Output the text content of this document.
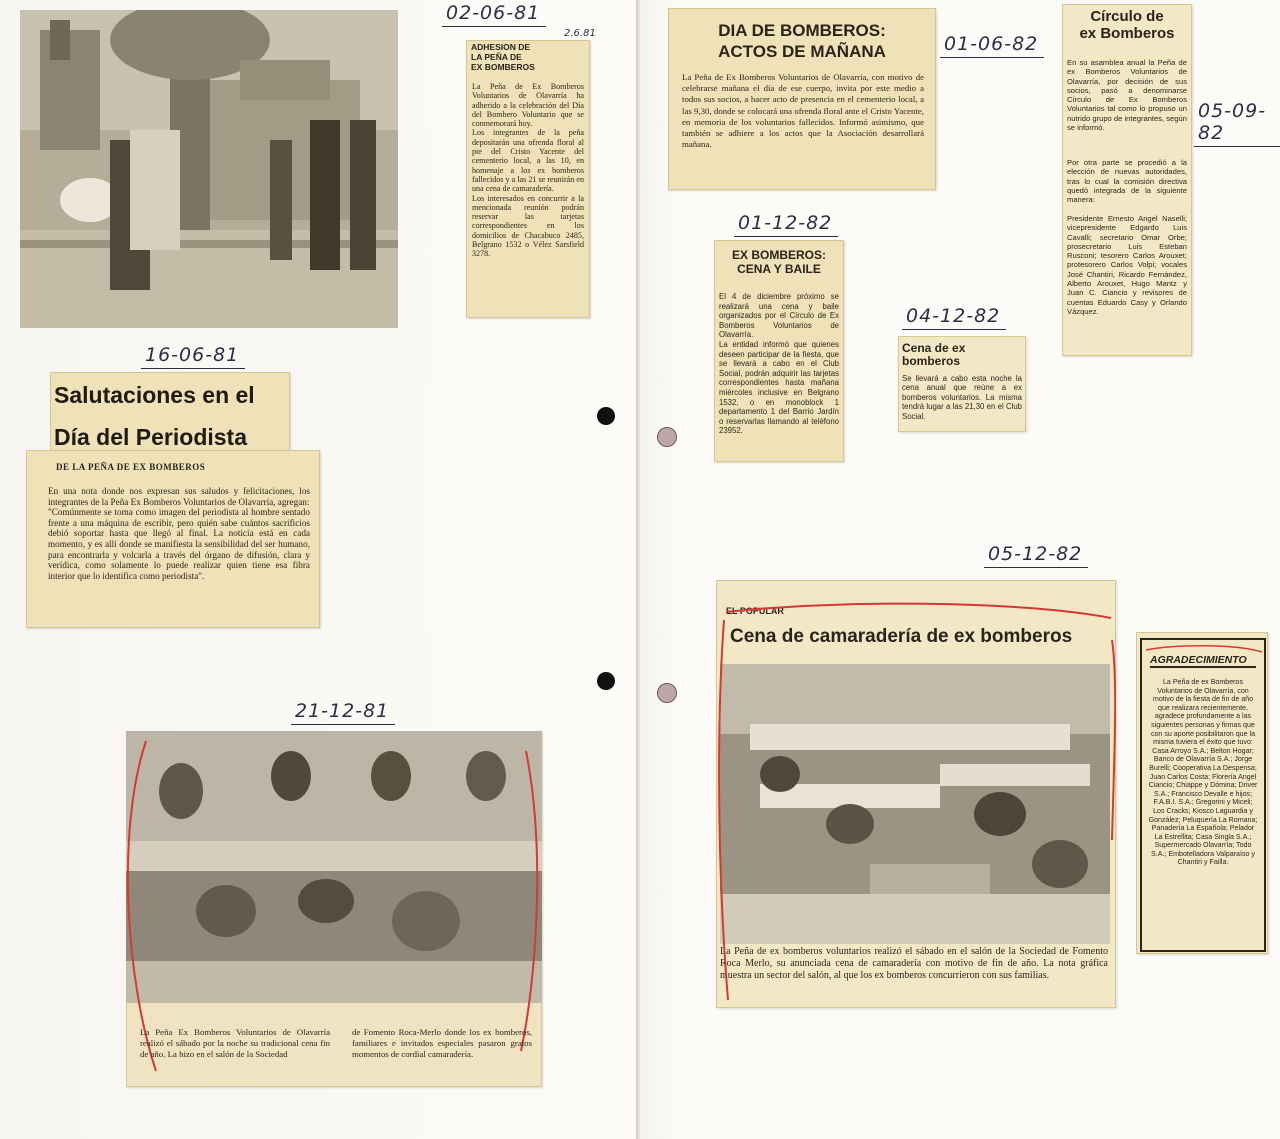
02-06-81
2.6.81
ADHESION DE
LA PEÑA DE
EX BOMBEROS
La Peña de Ex Bomberos Voluntarios de Olavarría ha adherido a la celebración del Día del Bombero Voluntario que se conmemorará hoy.
Los integrantes de la peña depositarán una ofrenda floral al pie del Cristo Yacente del cementerio local, a las 10, en homenaje a los ex bomberos fallecidos y a las 21 se reunirán en una cena de camaradería.
Los interesados en concurrir a la mencionada reunión podrán reservar las tarjetas correspondientes en los domicilios de Chacabuco 2485, Belgrano 1532 o Vélez Sarsfield 3278.
16-06-81
Salutaciones en el Día del Periodista
DE LA PEÑA DE EX BOMBEROS
En una nota donde nos expresan sus saludos y felicitaciones, los integrantes de la Peña Ex Bomberos Voluntarios de Olavarría, agregan:
"Comúnmente se toma como imagen del periodista al hombre sentado frente a una máquina de escribir, pero quién sabe cuántos sacrificios debió soportar hasta que llegó al final. La noticia está en cada momento, y es allí donde se manifiesta la sensibilidad del ser humano, para encontrarla y volcarla a través del órgano de difusión, clara y verídica, como solamente lo puede realizar quien tiene esa fibra interior que lo identifica como periodista".
21-12-81
La Peña Ex Bomberos Voluntarios de Olavarría realizó el sábado por la noche su tradicional cena fin de año. La hizo en el salón de la Sociedad
de Fomento Roca-Merlo donde los ex bomberos, familiares e invitados especiales pasaron gratos momentos de cordial camaradería.
DIA DE BOMBEROS:
ACTOS DE MAÑANA
La Peña de Ex Bomberos Voluntarios de Olavarría, con motivo de celebrarse mañana el día de ese cuerpo, invita por este medio a todos sus socios, a hacer acto de presencia en el cementerio local, a las 9,30, donde se colocará una ofrenda floral ante el Cristo Yacente, en memoria de los voluntarios fallecidos. Informó asimismo, que también se adhiere a los actos que la Asociación desarrollará mañana.
01-06-82
Círculo de
ex Bomberos
En su asamblea anual la Peña de ex Bomberos Voluntarios de Olavarría, por decisión de sus socios, pasó a denominarse Círculo de Ex Bomberos Voluntarios tal como lo propuso un nutrido grupo de integrantes, según se informó.
Por otra parte se procedió a la elección de nuevas autoridades, tras lo cual la comisión directiva quedó integrada de la siguiente manera:
Presidente Ernesto Angel Naselli; vicepresidente Edgardo Luis Cavalli; secretario Omar Orbe; prosecretario Luis Esteban Rusconi; tesorero Carlos Arouxet; protesorero Carlos Volpi; vocales José Chantiri, Ricardo Fernández, Alberto Arouxet, Hugo Mantz y Juan C. Ciancio y revisores de cuentas Eduardo Casy y Orlando Vázquez.
05-09-82
01-12-82
EX BOMBEROS:
CENA Y BAILE
El 4 de diciembre próximo se realizará una cena y baile organizados por el Círculo de Ex Bomberos Voluntarios de Olavarría.
La entidad informó que quienes deseen participar de la fiesta, que se llevará a cabo en el Club Social, podrán adquirir las tarjetas correspondientes hasta mañana miércoles inclusive en Belgrano 1532, o en monoblock 1 departamento 1 del Barrio Jardín o reservarlas llamando al teléfono 23952.
04-12-82
Cena de ex
bomberos
Se llevará a cabo esta noche la cena anual que reúne a ex bomberos voluntarios. La misma tendrá lugar a las 21,30 en el Club Social.
05-12-82
EL POPULAR
Cena de camaradería de ex bomberos
La Peña de ex bomberos voluntarios realizó el sábado en el salón de la Sociedad de Fomento Roca Merlo, su anunciada cena de camaradería con motivo de fin de año. La nota gráfica muestra un sector del salón, al que los ex bomberos concurrieron con sus familias.
AGRADECIMIENTO
La Peña de ex Bomberos Voluntarios de Olavarría, con motivo de la fiesta de fin de año que realizara recientemente, agradece profundamente a las siguientes personas y firmas que con su aporte posibilitaron que la misma tuviera el éxito que tuvo: Casa Arroyo S.A.; Belton Hogar; Banco de Olavarría S.A.; Jorge Burelli; Cooperativa La Despensa; Juan Carlos Costa; Florería Angel Ciancio; Chiappe y Dómina; Driver S.A.; Francisco Devalle e hijos; F.A.B.I. S.A.; Gregorini y Miceli; Los Cracks; Kiosco Laguardia y González; Peluquería La Romana; Panadería La Española; Pelador La Estrellita; Casa Singla S.A.; Supermercado Olavarría; Todo S.A.; Embotelladora Valparaíso y Chantiri y Failla.
